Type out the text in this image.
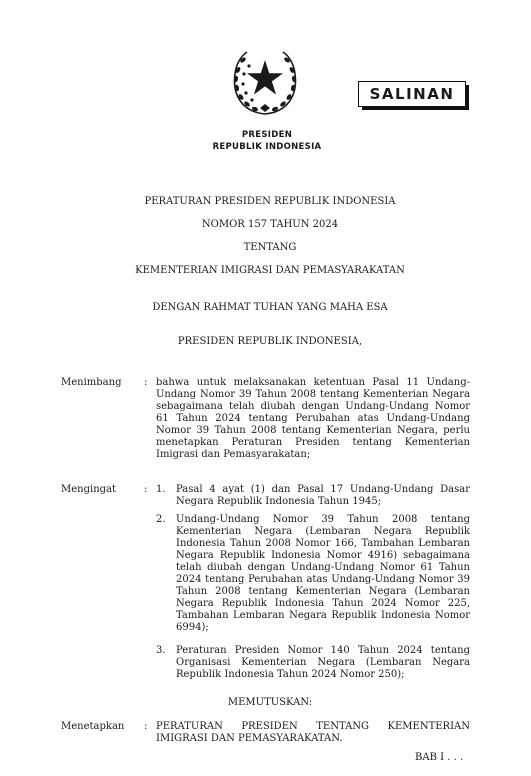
SALINAN
PRESIDEN
REPUBLIK INDONESIA
PERATURAN PRESIDEN REPUBLIK INDONESIA
NOMOR 157 TAHUN 2024
TENTANG
KEMENTERIAN IMIGRASI DAN PEMASYARAKATAN
DENGAN RAHMAT TUHAN YANG MAHA ESA
PRESIDEN REPUBLIK INDONESIA,
Menimbang : bahwa untuk melaksanakan ketentuan Pasal 11 Undang-Undang Nomor 39 Tahun 2008 tentang Kementerian Negara sebagaimana telah diubah dengan Undang-Undang Nomor 61 Tahun 2024 tentang Perubahan atas Undang-Undang Nomor 39 Tahun 2008 tentang Kementerian Negara, perlu menetapkan Peraturan Presiden tentang Kementerian Imigrasi dan Pemasyarakatan;
Mengingat	: 1. Pasal 4 ayat (1) dan Pasal 17 Undang-Undang Dasar Negara Republik Indonesia Tahun 1945;
2. Undang-Undang Nomor 39 Tahun 2008 tentang Kementerian Negara (Lembaran Negara Republik Indonesia Tahun 2008 Nomor 166, Tambahan Lembaran Negara Republik Indonesia Nomor 4916) sebagaimana telah diubah dengan Undang-Undang Nomor 61 Tahun 2024 tentang Perubahan atas Undang-Undang Nomor 39 Tahun 2008 tentang Kementerian Negara (Lembaran Negara Republik Indonesia Tahun 2024 Nomor 225, Tambahan Lembaran Negara Republik Indonesia Nomor 6994);
3. Peraturan Presiden Nomor 140 Tahun 2024 tentang Organisasi Kementerian Negara (Lembaran Negara Republik Indonesia Tahun 2024 Nomor 250);
MEMUTUSKAN:
Menetapkan : PERATURAN PRESIDEN TENTANG KEMENTERIAN IMIGRASI DAN PEMASYARAKATAN.
BAB I . . .
